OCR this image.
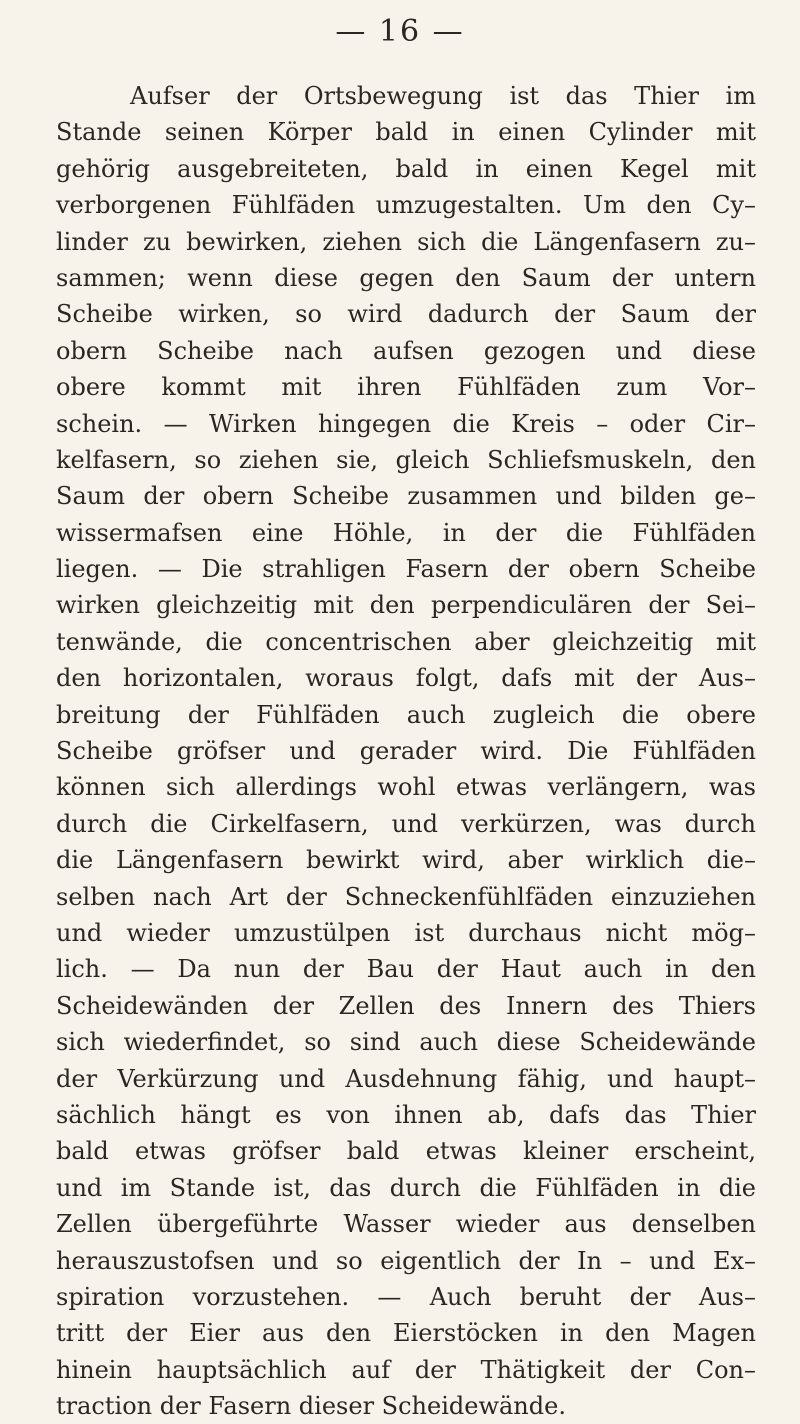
— 16 —
Aufser der Ortsbewegung ist das Thier im
Stande seinen Körper bald in einen Cylinder mit
gehörig ausgebreiteten, bald in einen Kegel mit
verborgenen Fühlfäden umzugestalten. Um den Cy–
linder zu bewirken, ziehen sich die Längenfasern zu–
sammen; wenn diese gegen den Saum der untern
Scheibe wirken, so wird dadurch der Saum der
obern Scheibe nach aufsen gezogen und diese
obere kommt mit ihren Fühlfäden zum Vor–
schein. — Wirken hingegen die Kreis – oder Cir–
kelfasern, so ziehen sie, gleich Schliefsmuskeln, den
Saum der obern Scheibe zusammen und bilden ge–
wissermafsen eine Höhle, in der die Fühlfäden
liegen. — Die strahligen Fasern der obern Scheibe
wirken gleichzeitig mit den perpendiculären der Sei–
tenwände, die concentrischen aber gleichzeitig mit
den horizontalen, woraus folgt, dafs mit der Aus–
breitung der Fühlfäden auch zugleich die obere
Scheibe gröfser und gerader wird. Die Fühlfäden
können sich allerdings wohl etwas verlängern, was
durch die Cirkelfasern, und verkürzen, was durch
die Längenfasern bewirkt wird, aber wirklich die–
selben nach Art der Schneckenfühlfäden einzuziehen
und wieder umzustülpen ist durchaus nicht mög–
lich. — Da nun der Bau der Haut auch in den
Scheidewänden der Zellen des Innern des Thiers
sich wiederfindet, so sind auch diese Scheidewände
der Verkürzung und Ausdehnung fähig, und haupt–
sächlich hängt es von ihnen ab, dafs das Thier
bald etwas gröfser bald etwas kleiner erscheint,
und im Stande ist, das durch die Fühlfäden in die
Zellen übergeführte Wasser wieder aus denselben
herauszustofsen und so eigentlich der In – und Ex–
spiration vorzustehen. — Auch beruht der Aus–
tritt der Eier aus den Eierstöcken in den Magen
hinein hauptsächlich auf der Thätigkeit der Con–
traction der Fasern dieser Scheidewände.
